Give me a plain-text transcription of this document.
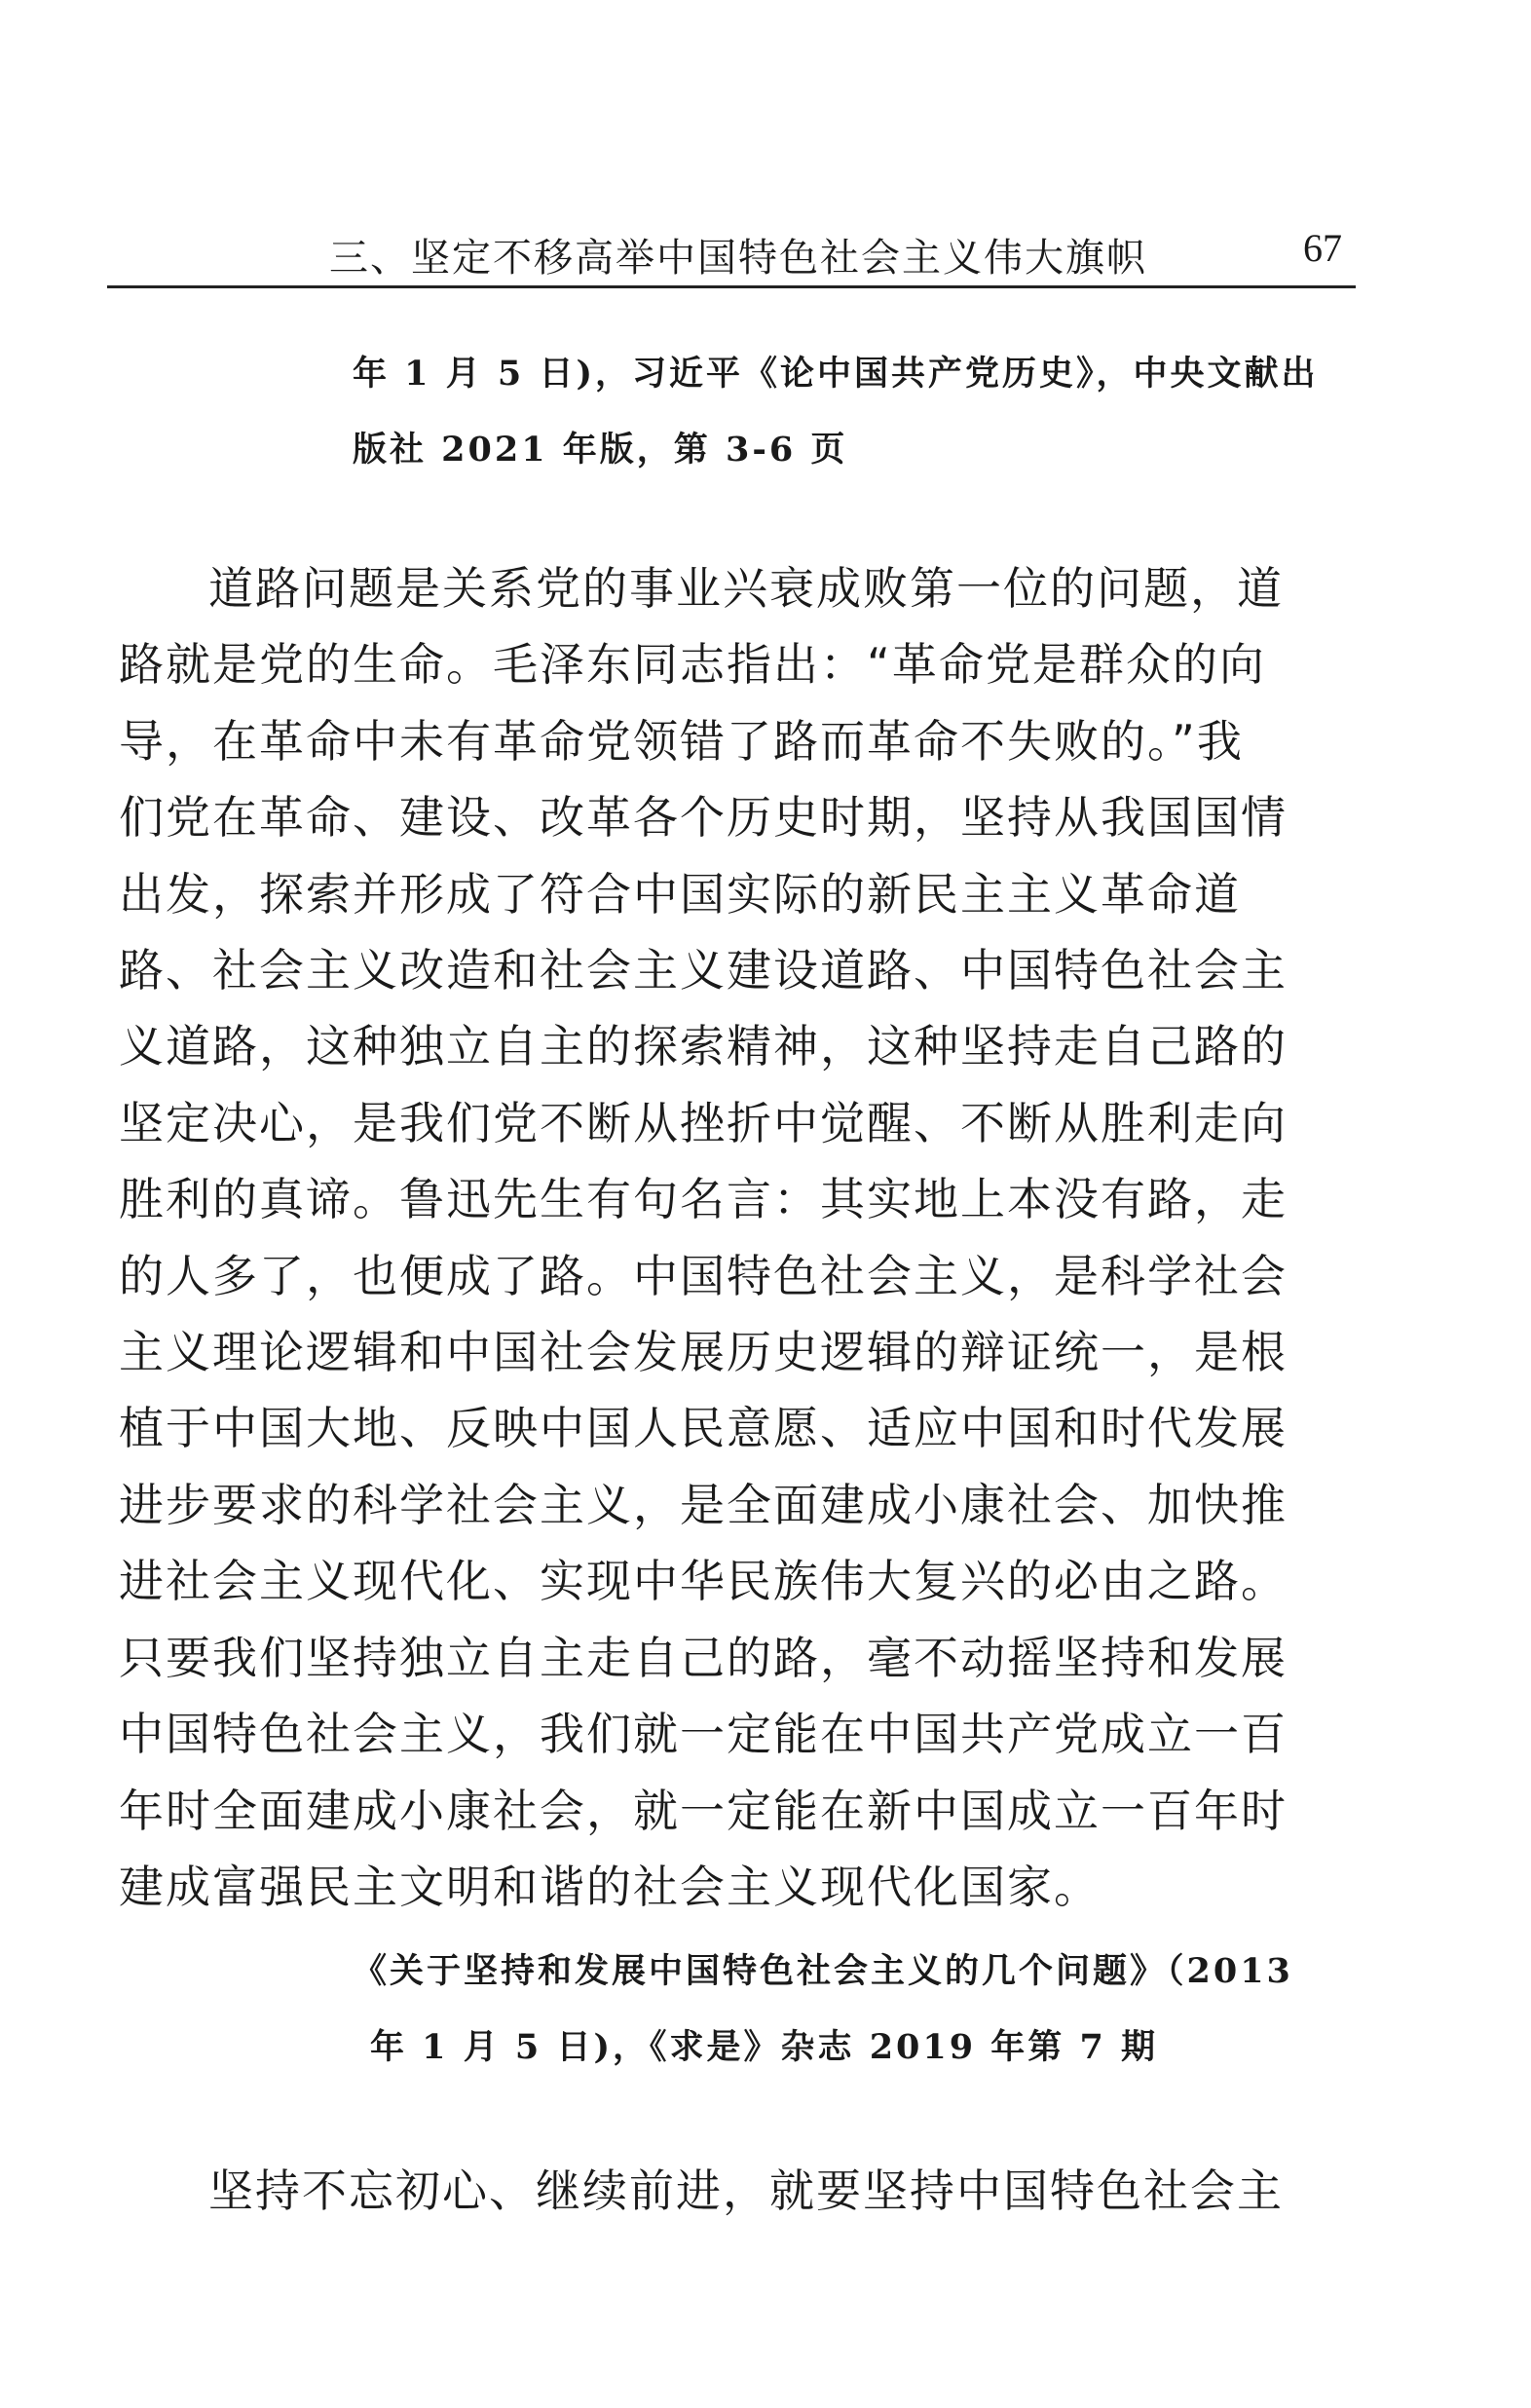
三、坚定不移高举中国特色社会主义伟大旗帜	67
年 1 月 5 日)，习近平《论中国共产党历史》，中央文献出
版社 2021 年版，第 3-6 页
道路问题是关系党的事业兴衰成败第一位的问题，道
路就是党的生命。毛泽东同志指出：“革命党是群众的向
导，在革命中未有革命党领错了路而革命不失败的。”我
们党在革命、建设、改革各个历史时期，坚持从我国国情
出发，探索并形成了符合中国实际的新民主主义革命道
路、社会主义改造和社会主义建设道路、中国特色社会主
义道路，这种独立自主的探索精神，这种坚持走自己路的
坚定决心，是我们党不断从挫折中觉醒、不断从胜利走向
胜利的真谛。鲁迅先生有句名言：其实地上本没有路，走
的人多了，也便成了路。中国特色社会主义，是科学社会
主义理论逻辑和中国社会发展历史逻辑的辩证统一，是根
植于中国大地、反映中国人民意愿、适应中国和时代发展
进步要求的科学社会主义，是全面建成小康社会、加快推
进社会主义现代化、实现中华民族伟大复兴的必由之路。
只要我们坚持独立自主走自己的路，毫不动摇坚持和发展
中国特色社会主义，我们就一定能在中国共产党成立一百
年时全面建成小康社会，就一定能在新中国成立一百年时
建成富强民主文明和谐的社会主义现代化国家。
《关于坚持和发展中国特色社会主义的几个问题》（2013
年 1 月 5 日)，《求是》杂志 2019 年第 7 期
坚持不忘初心、继续前进，就要坚持中国特色社会主
